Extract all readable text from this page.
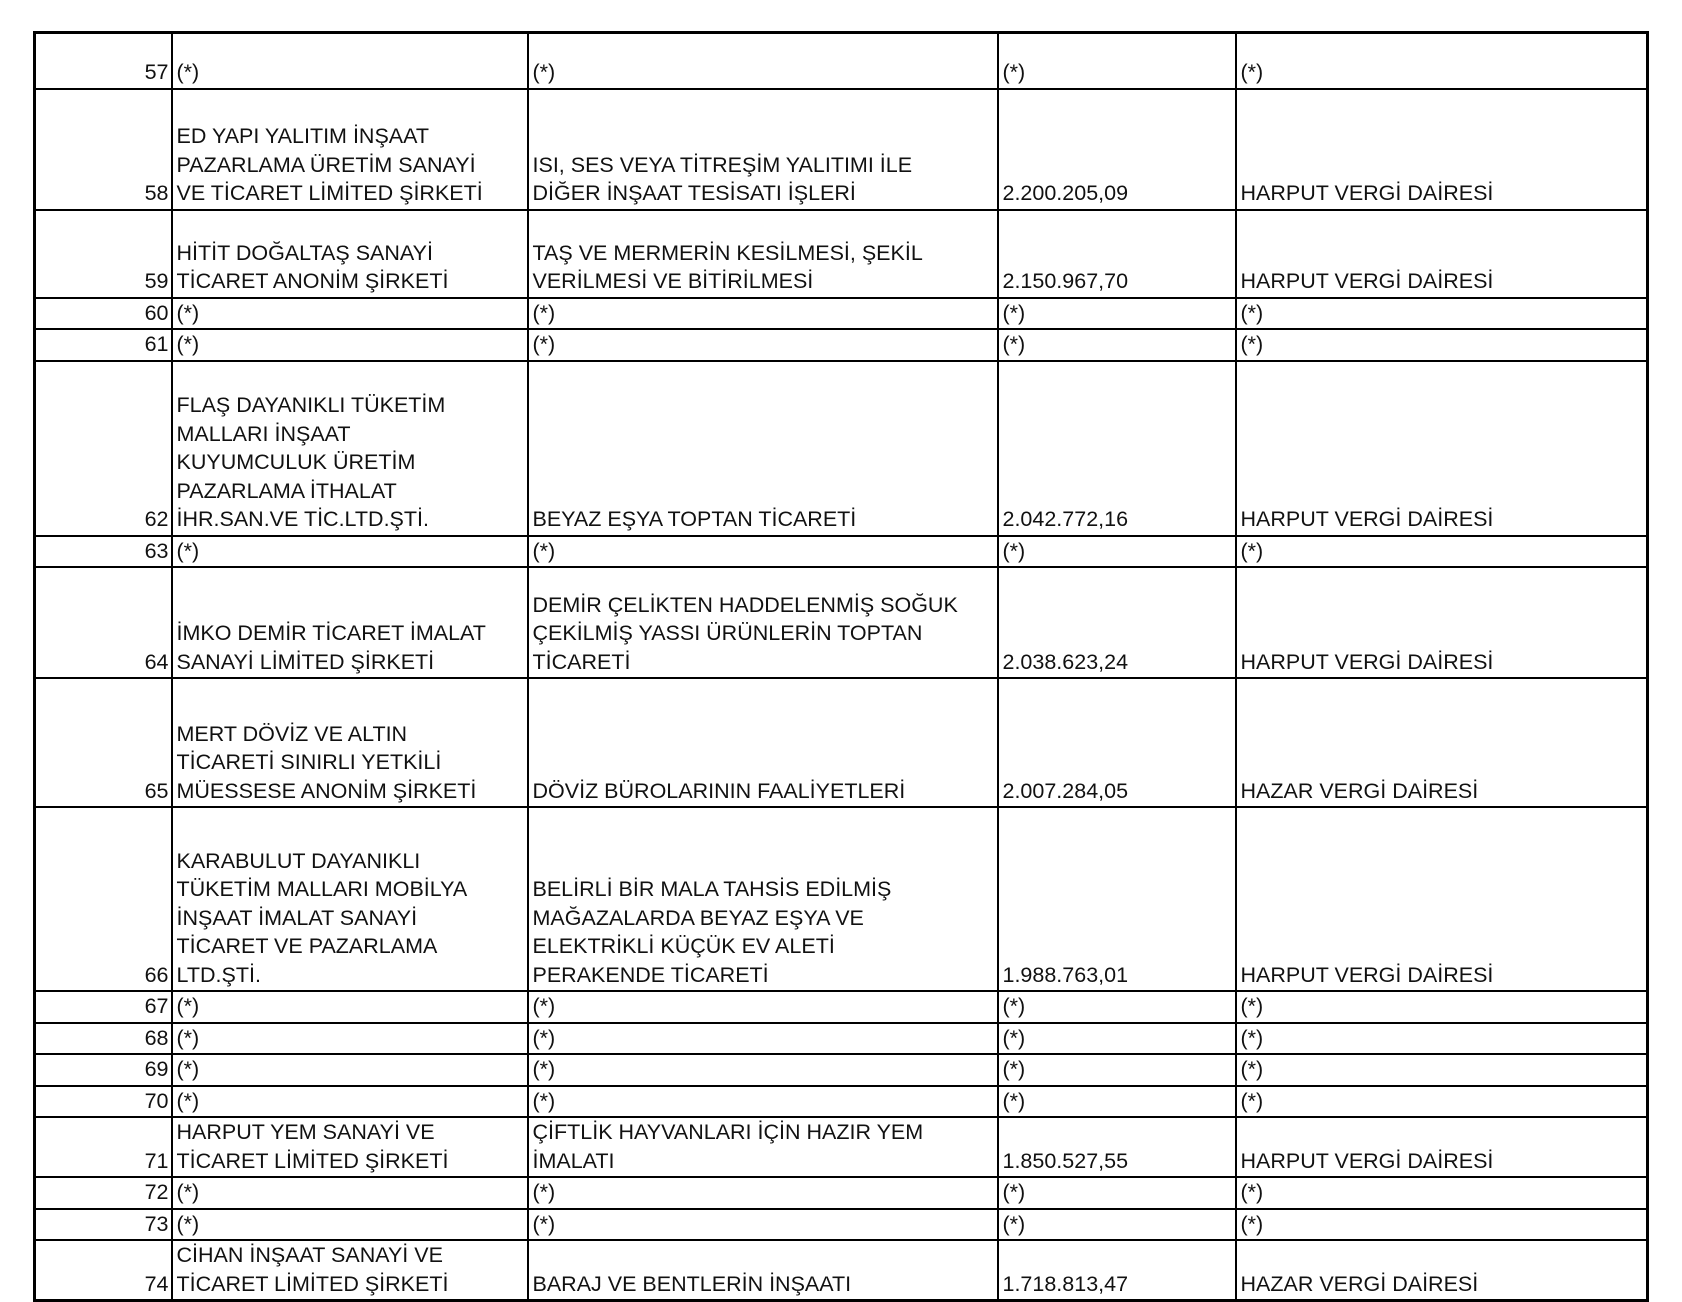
57	(*)	(*)	(*)	(*)

58	ED YAPI YALITIM İNŞAAT
PAZARLAMA ÜRETİM SANAYİ
VE TİCARET LİMİTED ŞİRKETİ	ISI, SES VEYA TİTREŞİM YALITIMI İLE
DİĞER İNŞAAT TESİSATI İŞLERİ	2.200.205,09	HARPUT VERGİ DAİRESİ

59	HİTİT DOĞALTAŞ SANAYİ
TİCARET ANONİM ŞİRKETİ	TAŞ VE MERMERİN KESİLMESİ, ŞEKİL
VERİLMESİ VE BİTİRİLMESİ	2.150.967,70	HARPUT VERGİ DAİRESİ

60	(*)	(*)	(*)	(*)

61	(*)	(*)	(*)	(*)

62	FLAŞ DAYANIKLI TÜKETİM
MALLARI İNŞAAT
KUYUMCULUK ÜRETİM
PAZARLAMA İTHALAT
İHR.SAN.VE TİC.LTD.ŞTİ.	BEYAZ EŞYA TOPTAN TİCARETİ	2.042.772,16	HARPUT VERGİ DAİRESİ

63	(*)	(*)	(*)	(*)

64	İMKO DEMİR TİCARET İMALAT
SANAYİ LİMİTED ŞİRKETİ	DEMİR ÇELİKTEN HADDELENMİŞ SOĞUK
ÇEKİLMİŞ YASSI ÜRÜNLERİN TOPTAN
TİCARETİ	2.038.623,24	HARPUT VERGİ DAİRESİ

65	MERT DÖVİZ VE ALTIN
TİCARETİ SINIRLI YETKİLİ
MÜESSESE ANONİM ŞİRKETİ	DÖVİZ BÜROLARININ FAALİYETLERİ	2.007.284,05	HAZAR VERGİ DAİRESİ

66	KARABULUT DAYANIKLI
TÜKETİM MALLARI MOBİLYA
İNŞAAT İMALAT SANAYİ
TİCARET VE PAZARLAMA
LTD.ŞTİ.	BELİRLİ BİR MALA TAHSİS EDİLMİŞ
MAĞAZALARDA BEYAZ EŞYA VE
ELEKTRİKLİ KÜÇÜK EV ALETİ
PERAKENDE TİCARETİ	1.988.763,01	HARPUT VERGİ DAİRESİ

67	(*)	(*)	(*)	(*)

68	(*)	(*)	(*)	(*)

69	(*)	(*)	(*)	(*)

70	(*)	(*)	(*)	(*)

71	HARPUT YEM SANAYİ VE
TİCARET LİMİTED ŞİRKETİ	ÇİFTLİK HAYVANLARI İÇİN HAZIR YEM
İMALATI	1.850.527,55	HARPUT VERGİ DAİRESİ

72	(*)	(*)	(*)	(*)

73	(*)	(*)	(*)	(*)

74	CİHAN İNŞAAT SANAYİ VE
TİCARET LİMİTED ŞİRKETİ	BARAJ VE BENTLERİN İNŞAATI	1.718.813,47	HAZAR VERGİ DAİRESİ
